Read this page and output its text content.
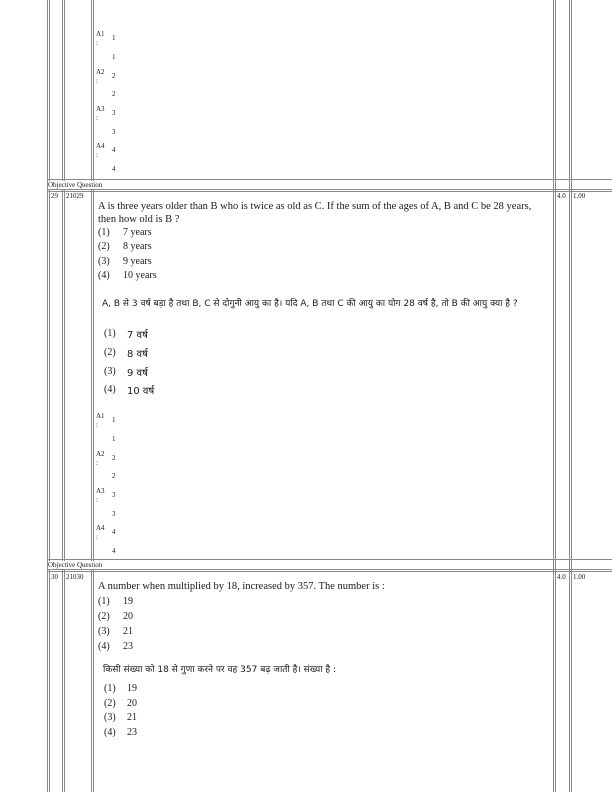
A1 1
:
1
A2 2
:
2
A3 3
:
3
A4 4
:
4
Objective Question
29 21029	4.0 1.00
A is three years older than B who is twice as old as C. If the sum of the ages of A, B and C be 28 years, then how old is B ?
(1) 7 years
(2) 8 years
(3) 9 years
(4) 10 years
A, B से 3 वर्ष बड़ा है तथा B, C से दोगुनी आयु का है। यदि A, B तथा C की आयु का योग 28 वर्ष है, तो B की आयु क्या है ?
(1) 7 वर्ष
(2) 8 वर्ष
(3) 9 वर्ष
(4) 10 वर्ष
A1 1
:
1
A2 2
:
2
A3 3
:
3
A4 4
:
4
Objective Question
30 21030	4.0 1.00
A number when multiplied by 18, increased by 357. The number is :
(1) 19
(2) 20
(3) 21
(4) 23
किसी संख्या को 18 से गुणा करने पर वह 357 बढ़ जाती है। संख्या है :
(1) 19
(2) 20
(3) 21
(4) 23
